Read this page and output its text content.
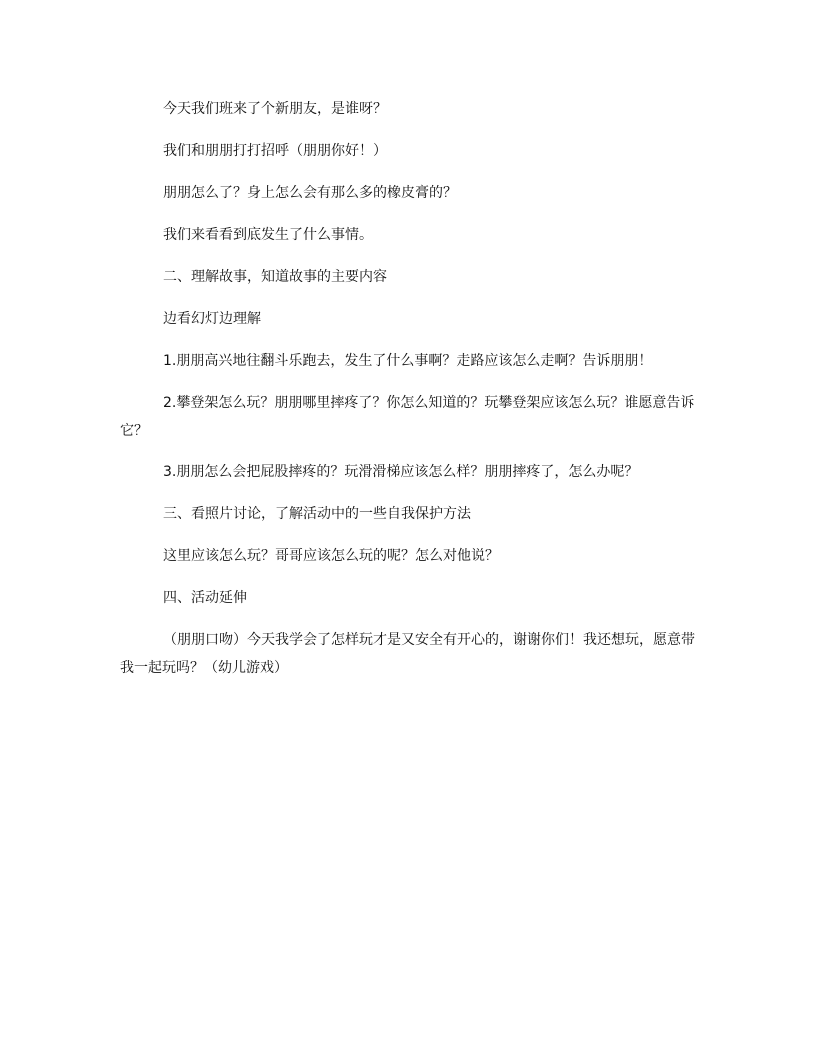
今天我们班来了个新朋友，是谁呀？

我们和朋朋打打招呼（朋朋你好！）

朋朋怎么了？身上怎么会有那么多的橡皮膏的？

我们来看看到底发生了什么事情。

二、理解故事，知道故事的主要内容

边看幻灯边理解

1.朋朋高兴地往翻斗乐跑去，发生了什么事啊？走路应该怎么走啊？告诉朋朋！

2.攀登架怎么玩？朋朋哪里摔疼了？你怎么知道的？玩攀登架应该怎么玩？谁愿意告诉它？

3.朋朋怎么会把屁股摔疼的？玩滑滑梯应该怎么样？朋朋摔疼了，怎么办呢？

三、看照片讨论，了解活动中的一些自我保护方法

这里应该怎么玩？哥哥应该怎么玩的呢？怎么对他说？

四、活动延伸

（朋朋口吻）今天我学会了怎样玩才是又安全有开心的，谢谢你们！我还想玩，愿意带我一起玩吗？（幼儿游戏）
